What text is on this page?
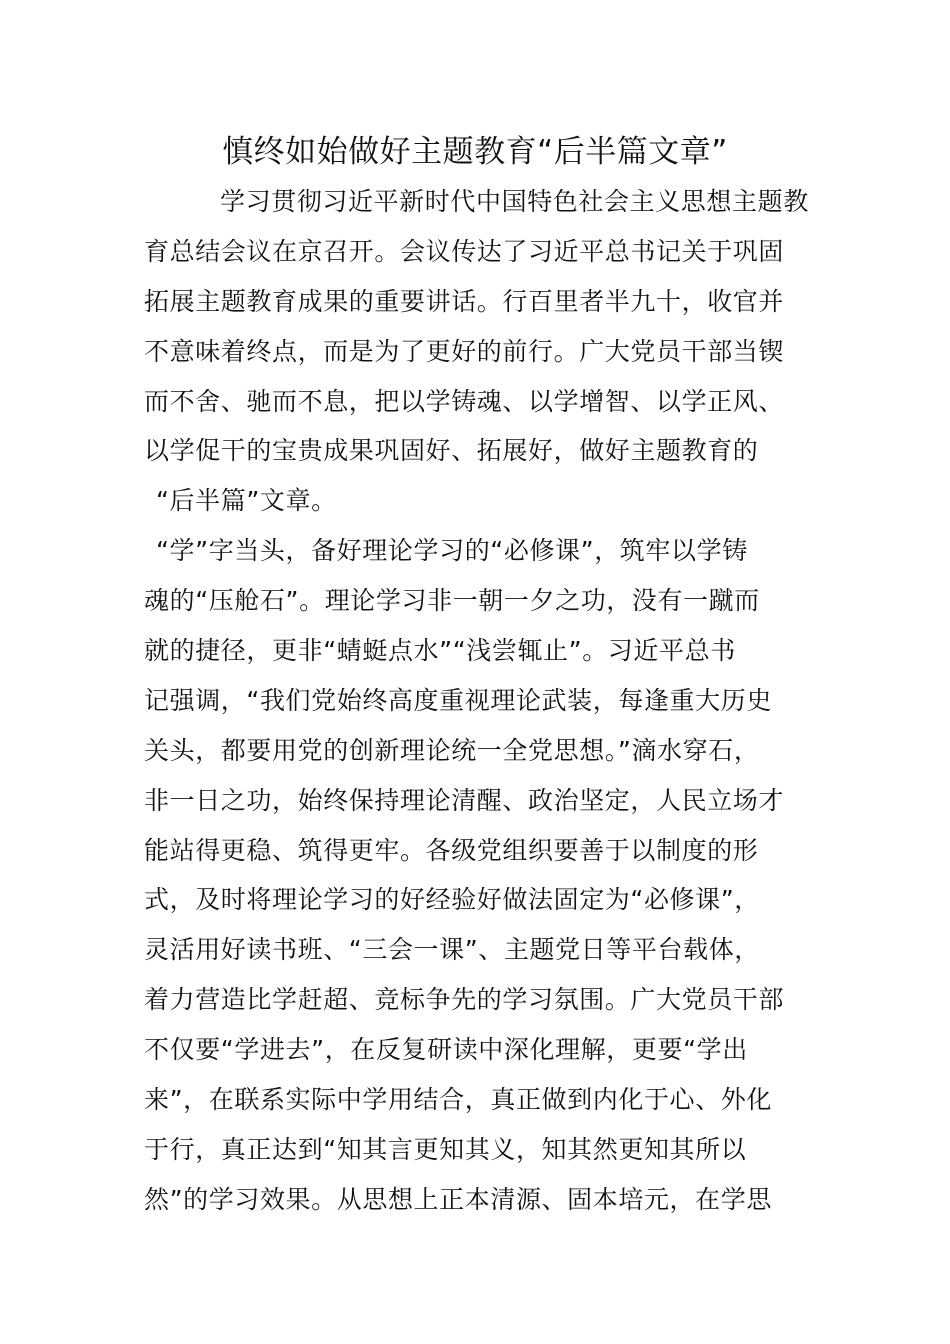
慎终如始做好主题教育“后半篇文章”
学习贯彻习近平新时代中国特色社会主义思想主题教
育总结会议在京召开。会议传达了习近平总书记关于巩固
拓展主题教育成果的重要讲话。行百里者半九十，收官并
不意味着终点，而是为了更好的前行。广大党员干部当锲
而不舍、驰而不息，把以学铸魂、以学增智、以学正风、
以学促干的宝贵成果巩固好、拓展好，做好主题教育的
“后半篇”文章。
“学”字当头，备好理论学习的“必修课”，筑牢以学铸
魂的“压舱石”。理论学习非一朝一夕之功，没有一蹴而
就的捷径，更非“蜻蜓点水”“浅尝辄止”。习近平总书
记强调，“我们党始终高度重视理论武装，每逢重大历史
关头，都要用党的创新理论统一全党思想。”滴水穿石，
非一日之功，始终保持理论清醒、政治坚定，人民立场才
能站得更稳、筑得更牢。各级党组织要善于以制度的形
式，及时将理论学习的好经验好做法固定为“必修课”，
灵活用好读书班、“三会一课”、主题党日等平台载体，
着力营造比学赶超、竞标争先的学习氛围。广大党员干部
不仅要“学进去”，在反复研读中深化理解，更要“学出
来”，在联系实际中学用结合，真正做到内化于心、外化
于行，真正达到“知其言更知其义，知其然更知其所以
然”的学习效果。从思想上正本清源、固本培元，在学思
